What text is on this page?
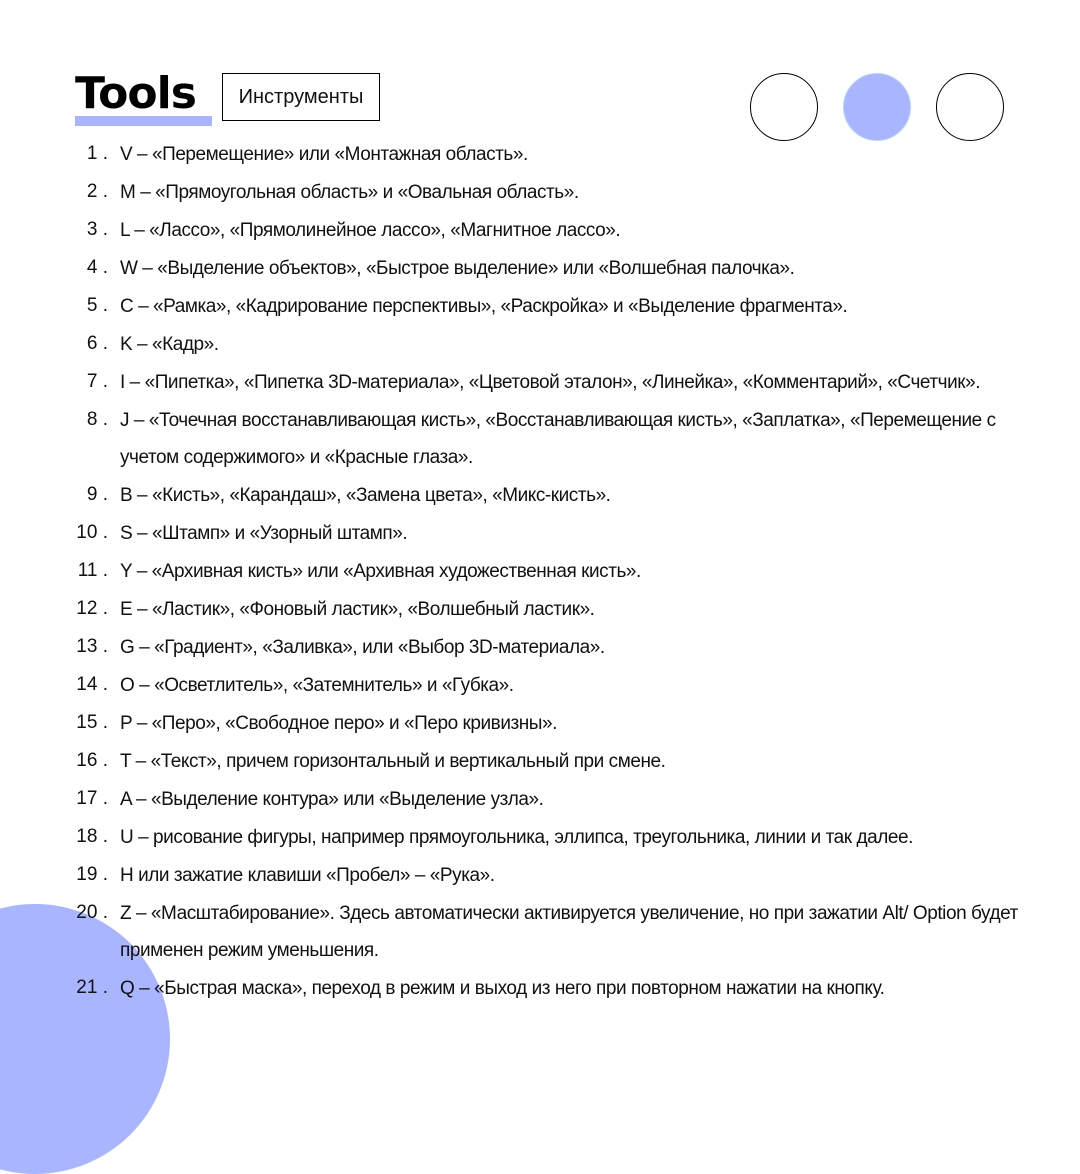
Tools	Инструменты
1 . V – «Перемещение» или «Монтажная область».
2 . M – «Прямоугольная область» и «Овальная область».
3 . L – «Лассо», «Прямолинейное лассо», «Магнитное лассо».
4 . W – «Выделение объектов», «Быстрое выделение» или «Волшебная палочка».
5 . C – «Рамка», «Кадрирование перспективы», «Раскройка» и «Выделение фрагмента».
6 . K – «Кадр».
7 . I – «Пипетка», «Пипетка 3D-материала», «Цветовой эталон», «Линейка», «Комментарий», «Счетчик».
8 . J – «Точечная восстанавливающая кисть», «Восстанавливающая кисть», «Заплатка», «Перемещение с учетом содержимого» и «Красные глаза».
9 . B – «Кисть», «Карандаш», «Замена цвета», «Микс-кисть».
10 . S – «Штамп» и «Узорный штамп».
11 . Y – «Архивная кисть» или «Архивная художественная кисть».
12 . E – «Ластик», «Фоновый ластик», «Волшебный ластик».
13 . G – «Градиент», «Заливка», или «Выбор 3D-материала».
14 . O – «Осветлитель», «Затемнитель» и «Губка».
15 . P – «Перо», «Свободное перо» и «Перо кривизны».
16 . T – «Текст», причем горизонтальный и вертикальный при смене.
17 . A – «Выделение контура» или «Выделение узла».
18 . U – рисование фигуры, например прямоугольника, эллипса, треугольника, линии и так далее.
19 . H или зажатие клавиши «Пробел» – «Рука».
20 . Z – «Масштабирование». Здесь автоматически активируется увеличение, но при зажатии Alt/ Option будет применен режим уменьшения.
21 . Q – «Быстрая маска», переход в режим и выход из него при повторном нажатии на кнопку.
